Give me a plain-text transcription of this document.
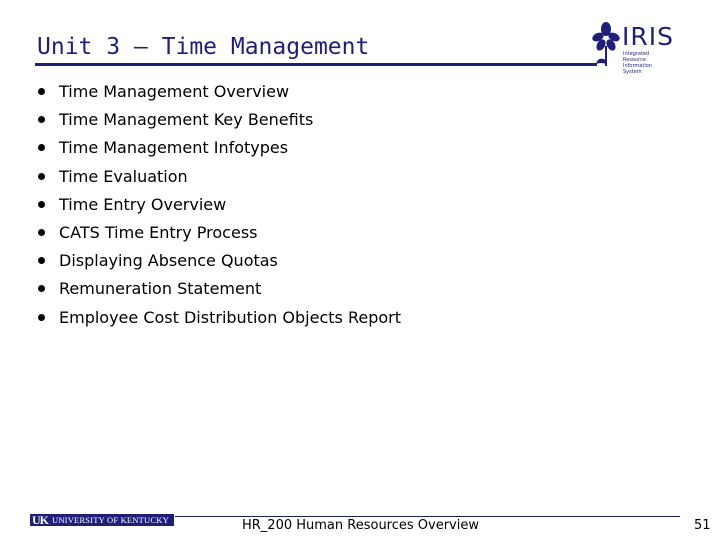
Unit 3 – Time Management	IRIS
Integrated Resource Information System
Time Management Overview
Time Management Key Benefits
Time Management Infotypes
Time Evaluation
Time Entry Overview
CATS Time Entry Process
Displaying Absence Quotas
Remuneration Statement
Employee Cost Distribution Objects Report
UK UNIVERSITY OF KENTUCKY	HR_200 Human Resources Overview	51
